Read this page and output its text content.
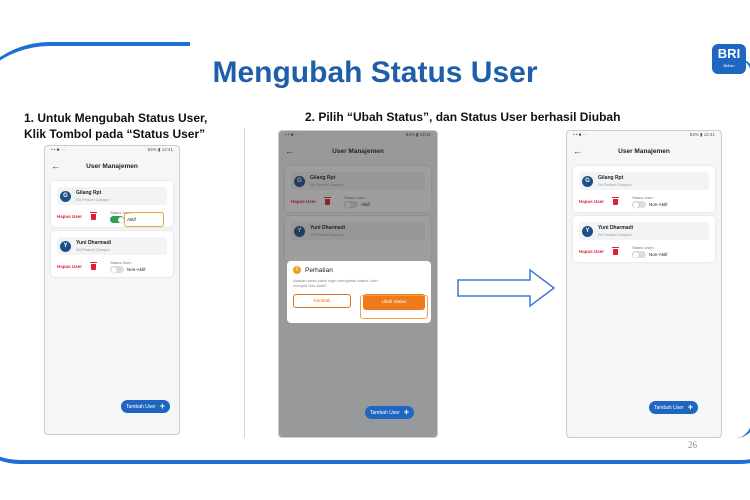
BRI
Brilian
Mengubah Status User
1. Untuk Mengubah Status User,
Klik Tombol pada “Status User”
2. Pilih “Ubah Status”, dan Status User berhasil Diubah
• • ■ ···	84% ▮ 14:41
←	User Manajemen
G	Gilang Rpt
Sri Pedoel Campur
Hapus User
Status User :
Aktif
Y	Yuni Dharmadi
Sri Pedoel Campur
Hapus User
Status User :
Non-Aktif
Tambah User +
• • ■ ···	84% ▮ 14:41
←	User Manajemen
G	Gilang Rpt
Sri Pedoel Campur
Hapus User
Status User :
Aktif
Y	Yuni Dharmadi
Sri Pedoel Campur
!	Perhatian
Apakah anda yakin ingin mengubah status User menjadi Non-Aktif?
Kembali	Ubah Status
Tambah User +
• • ■ ···	84% ▮ 14:41
←	User Manajemen
G	Gilang Rpt
Sri Pedoel Campur
Hapus User
Status User :
Non-Aktif
Y	Yuni Dharmadi
Sri Pedoel Campur
Hapus User
Status User :
Non-Aktif
Tambah User +
26
